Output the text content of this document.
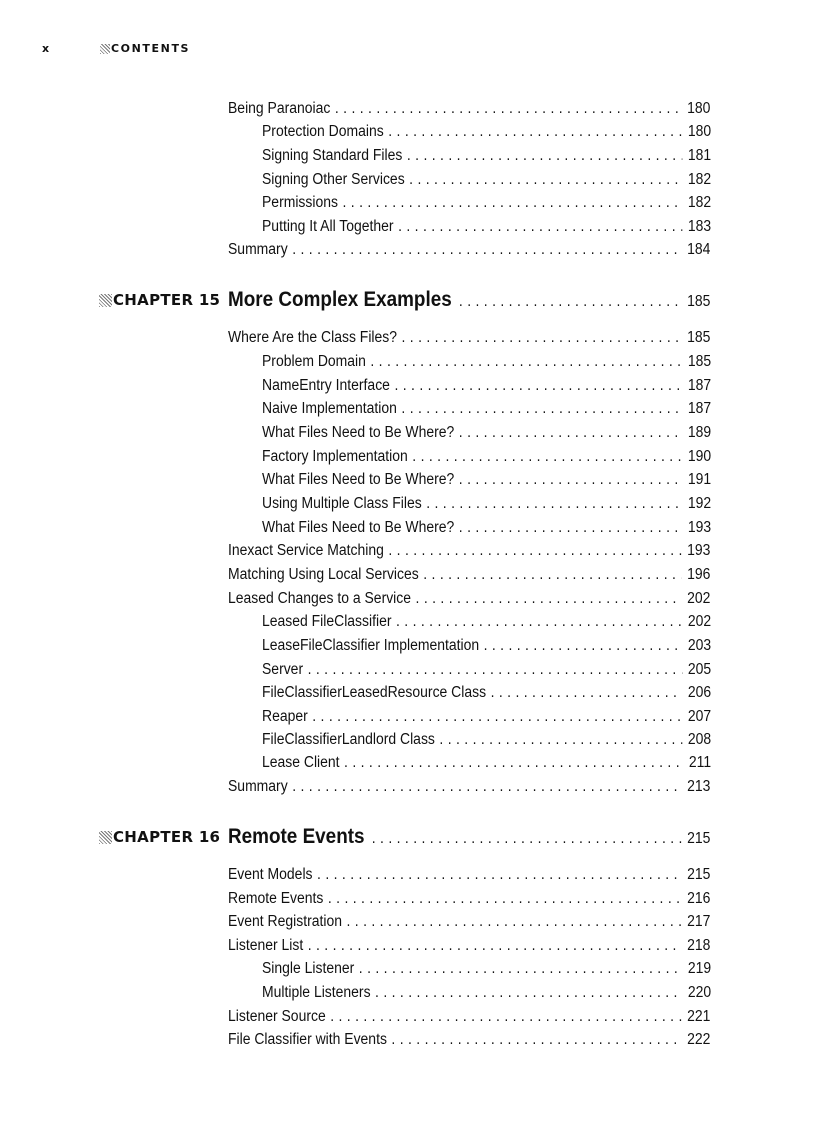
x	CONTENTS
Being Paranoiac . . .	180
Protection Domains . . .	180
Signing Standard Files . . .	181
Signing Other Services . . .	182
Permissions . . .	182
Putting It All Together . . .	183
Summary . . .	184
CHAPTER 15 More Complex Examples . . .	185
Where Are the Class Files? . . .	185
Problem Domain . . .	185
NameEntry Interface . . .	187
Naive Implementation . . .	187
What Files Need to Be Where? . . .	189
Factory Implementation . . .	190
What Files Need to Be Where? . . .	191
Using Multiple Class Files . . .	192
What Files Need to Be Where? . . .	193
Inexact Service Matching . . .	193
Matching Using Local Services . . .	196
Leased Changes to a Service . . .	202
Leased FileClassifier . . .	202
LeaseFileClassifier Implementation . . .	203
Server . . .	205
FileClassifierLeasedResource Class . . .	206
Reaper . . .	207
FileClassifierLandlord Class . . .	208
Lease Client . . .	211
Summary . . .	213
CHAPTER 16 Remote Events . . .	215
Event Models . . .	215
Remote Events . . .	216
Event Registration . . .	217
Listener List . . .	218
Single Listener . . .	219
Multiple Listeners . . .	220
Listener Source . . .	221
File Classifier with Events . . .	222
